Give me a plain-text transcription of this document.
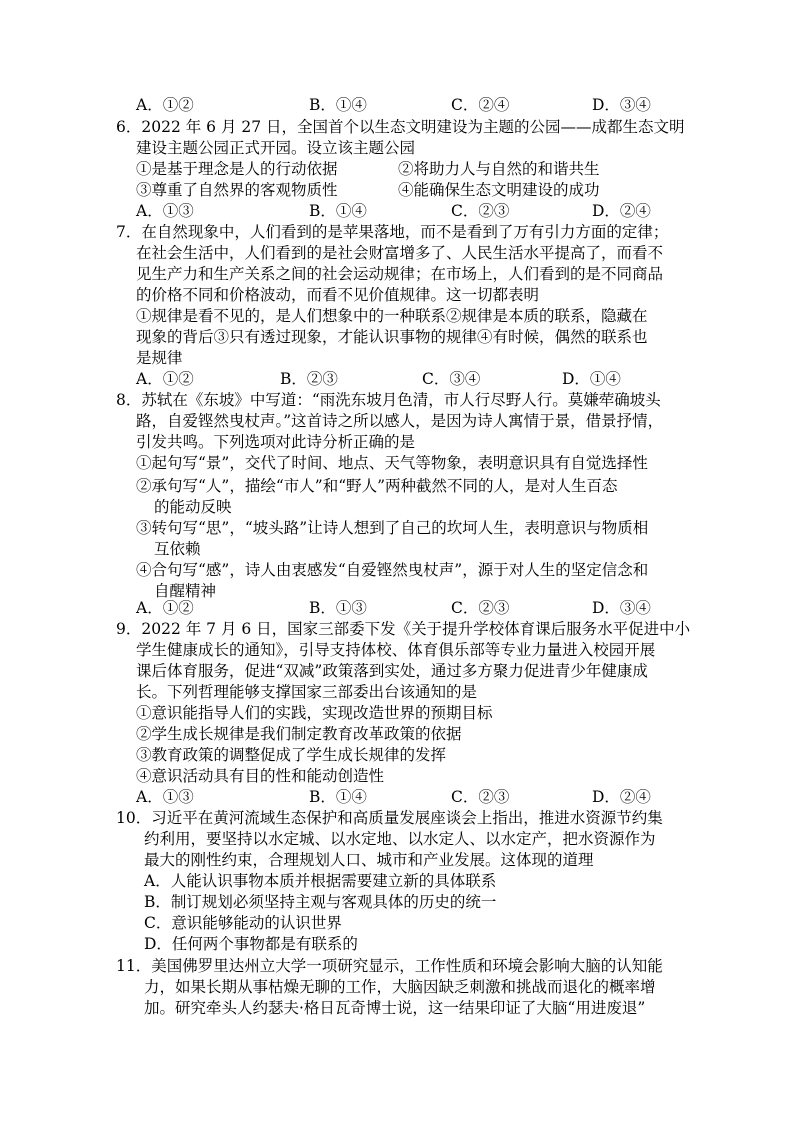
A．①②	B．①④	C．②④	D．③④
6．2022 年 6 月 27 日，全国首个以生态文明建设为主题的公园——成都生态文明
建设主题公园正式开园。设立该主题公园
①是基于理念是人的行动依据	②将助力人与自然的和谐共生
③尊重了自然界的客观物质性	④能确保生态文明建设的成功
A．①③	B．①④	C．②③	D．②④
7．在自然现象中，人们看到的是苹果落地，而不是看到了万有引力方面的定律；
在社会生活中，人们看到的是社会财富增多了、人民生活水平提高了，而看不
见生产力和生产关系之间的社会运动规律；在市场上，人们看到的是不同商品
的价格不同和价格波动，而看不见价值规律。这一切都表明
①规律是看不见的，是人们想象中的一种联系②规律是本质的联系，隐藏在
现象的背后③只有透过现象，才能认识事物的规律④有时候，偶然的联系也
是规律
A．①②	B．②③	C．③④	D．①④
8．苏轼在《东坡》中写道：“雨洗东坡月色清，市人行尽野人行。莫嫌荦确坡头
路，自爱铿然曳杖声。”这首诗之所以感人，是因为诗人寓情于景，借景抒情，
引发共鸣。下列选项对此诗分析正确的是
①起句写“景”，交代了时间、地点、天气等物象，表明意识具有自觉选择性
②承句写“人”，描绘“市人”和“野人”两种截然不同的人，是对人生百态
的能动反映
③转句写“思”，“坡头路”让诗人想到了自己的坎坷人生，表明意识与物质相
互依赖
④合句写“感”，诗人由衷感发“自爱铿然曳杖声”，源于对人生的坚定信念和
自醒精神
A．①②	B．①③	C．②③	D．③④
9．2022 年 7 月 6 日，国家三部委下发《关于提升学校体育课后服务水平促进中小
学生健康成长的通知》，引导支持体校、体育俱乐部等专业力量进入校园开展
课后体育服务，促进“双减”政策落到实处，通过多方聚力促进青少年健康成
长。下列哲理能够支撑国家三部委出台该通知的是
①意识能指导人们的实践，实现改造世界的预期目标
②学生成长规律是我们制定教育改革政策的依据
③教育政策的调整促成了学生成长规律的发挥
④意识活动具有目的性和能动创造性
A．①③	B．①④	C．②③	D．②④
10．习近平在黄河流域生态保护和高质量发展座谈会上指出，推进水资源节约集
约利用，要坚持以水定城、以水定地、以水定人、以水定产，把水资源作为
最大的刚性约束，合理规划人口、城市和产业发展。这体现的道理
A．人能认识事物本质并根据需要建立新的具体联系
B．制订规划必须坚持主观与客观具体的历史的统一
C．意识能够能动的认识世界
D．任何两个事物都是有联系的
11．美国佛罗里达州立大学一项研究显示，工作性质和环境会影响大脑的认知能
力，如果长期从事枯燥无聊的工作，大脑因缺乏刺激和挑战而退化的概率增
加。研究牵头人约瑟夫·格日瓦奇博士说，这一结果印证了大脑“用进废退”
